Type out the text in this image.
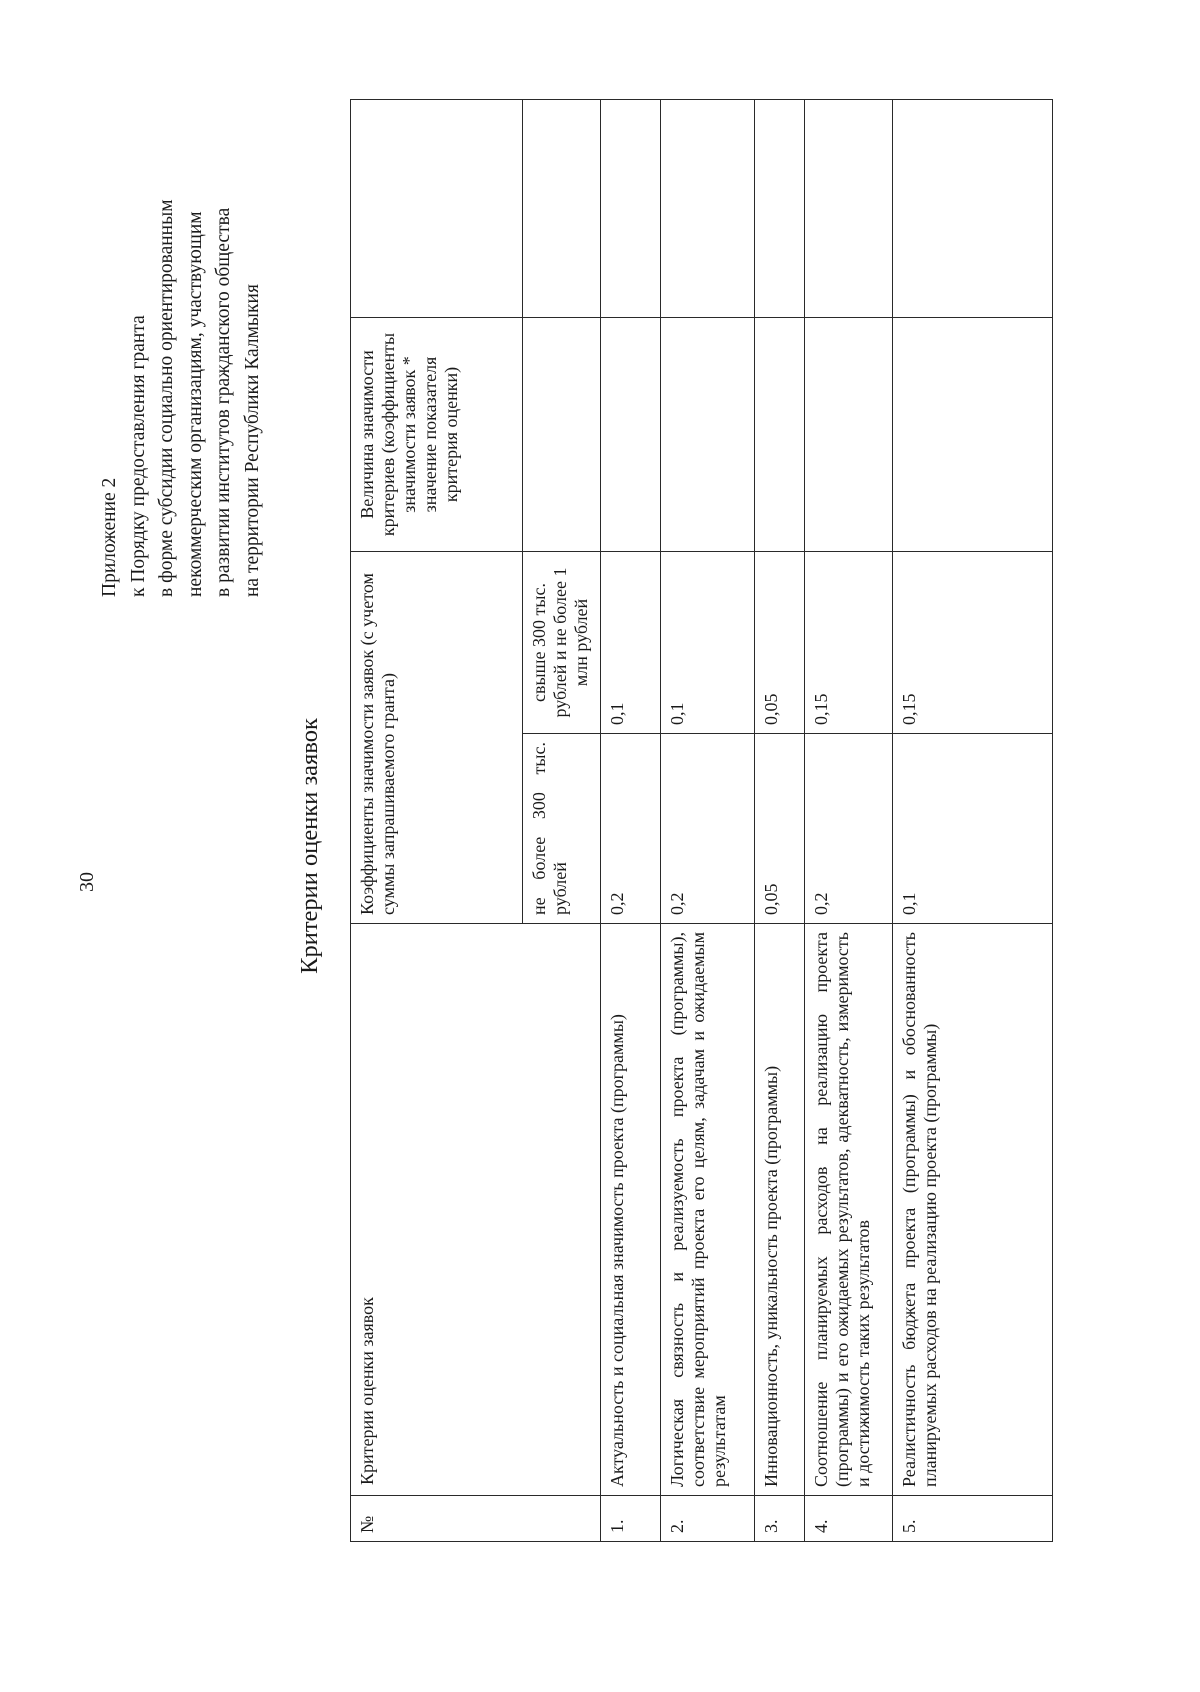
30
Приложение 2 к Порядку предоставления гранта в форме субсидии социально ориентированным некоммерческим организациям, участвующим в развитии институтов гражданского общества на территории Республики Калмыкия
Критерии оценки заявок
№	Критерии оценки заявок	Коэффициенты значимости заявок (с учетом суммы запрашиваемого гранта)		Величина значимости критериев (коэффициенты значимости заявок * значение показателя критерия оценки)	
		не более 300 тыс. рублей	свыше 300 тыс. рублей и не более 1 млн рублей		
1.	Актуальность и социальная значимость проекта (программы)	0,2	0,1		
2.	Логическая связность и реализуемость проекта (программы), соответствие мероприятий проекта его целям, задачам и ожидаемым результатам	0,2	0,1		
3.	Инновационность, уникальность проекта (программы)	0,05	0,05		
4.	Соотношение планируемых расходов на реализацию проекта (программы) и его ожидаемых результатов, адекватность, измеримость и достижимость таких результатов	0,2	0,15		
5.	Реалистичность бюджета проекта (программы) и обоснованность планируемых расходов на реализацию проекта (программы)	0,1	0,15		
